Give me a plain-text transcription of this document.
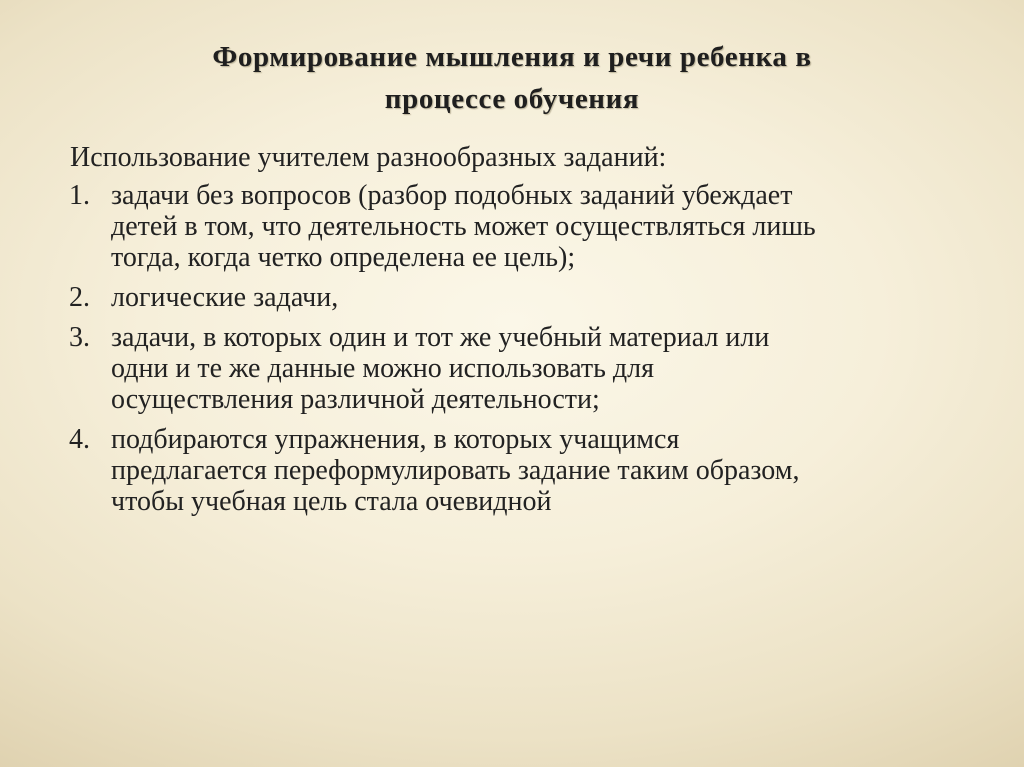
Формирование мышления и речи ребенка в
процессе обучения

Использование учителем разнообразных заданий:

1. задачи без вопросов (разбор подобных заданий убеждает
детей в том, что деятельность может осуществляться лишь
тогда, когда четко определена ее цель);
2. логические задачи,
3. задачи, в которых один и тот же учебный материал или
одни и те же данные можно использовать для
осуществления различной деятельности;
4. подбираются упражнения, в которых учащимся
предлагается переформулировать задание таким образом,
чтобы учебная цель стала очевидной
